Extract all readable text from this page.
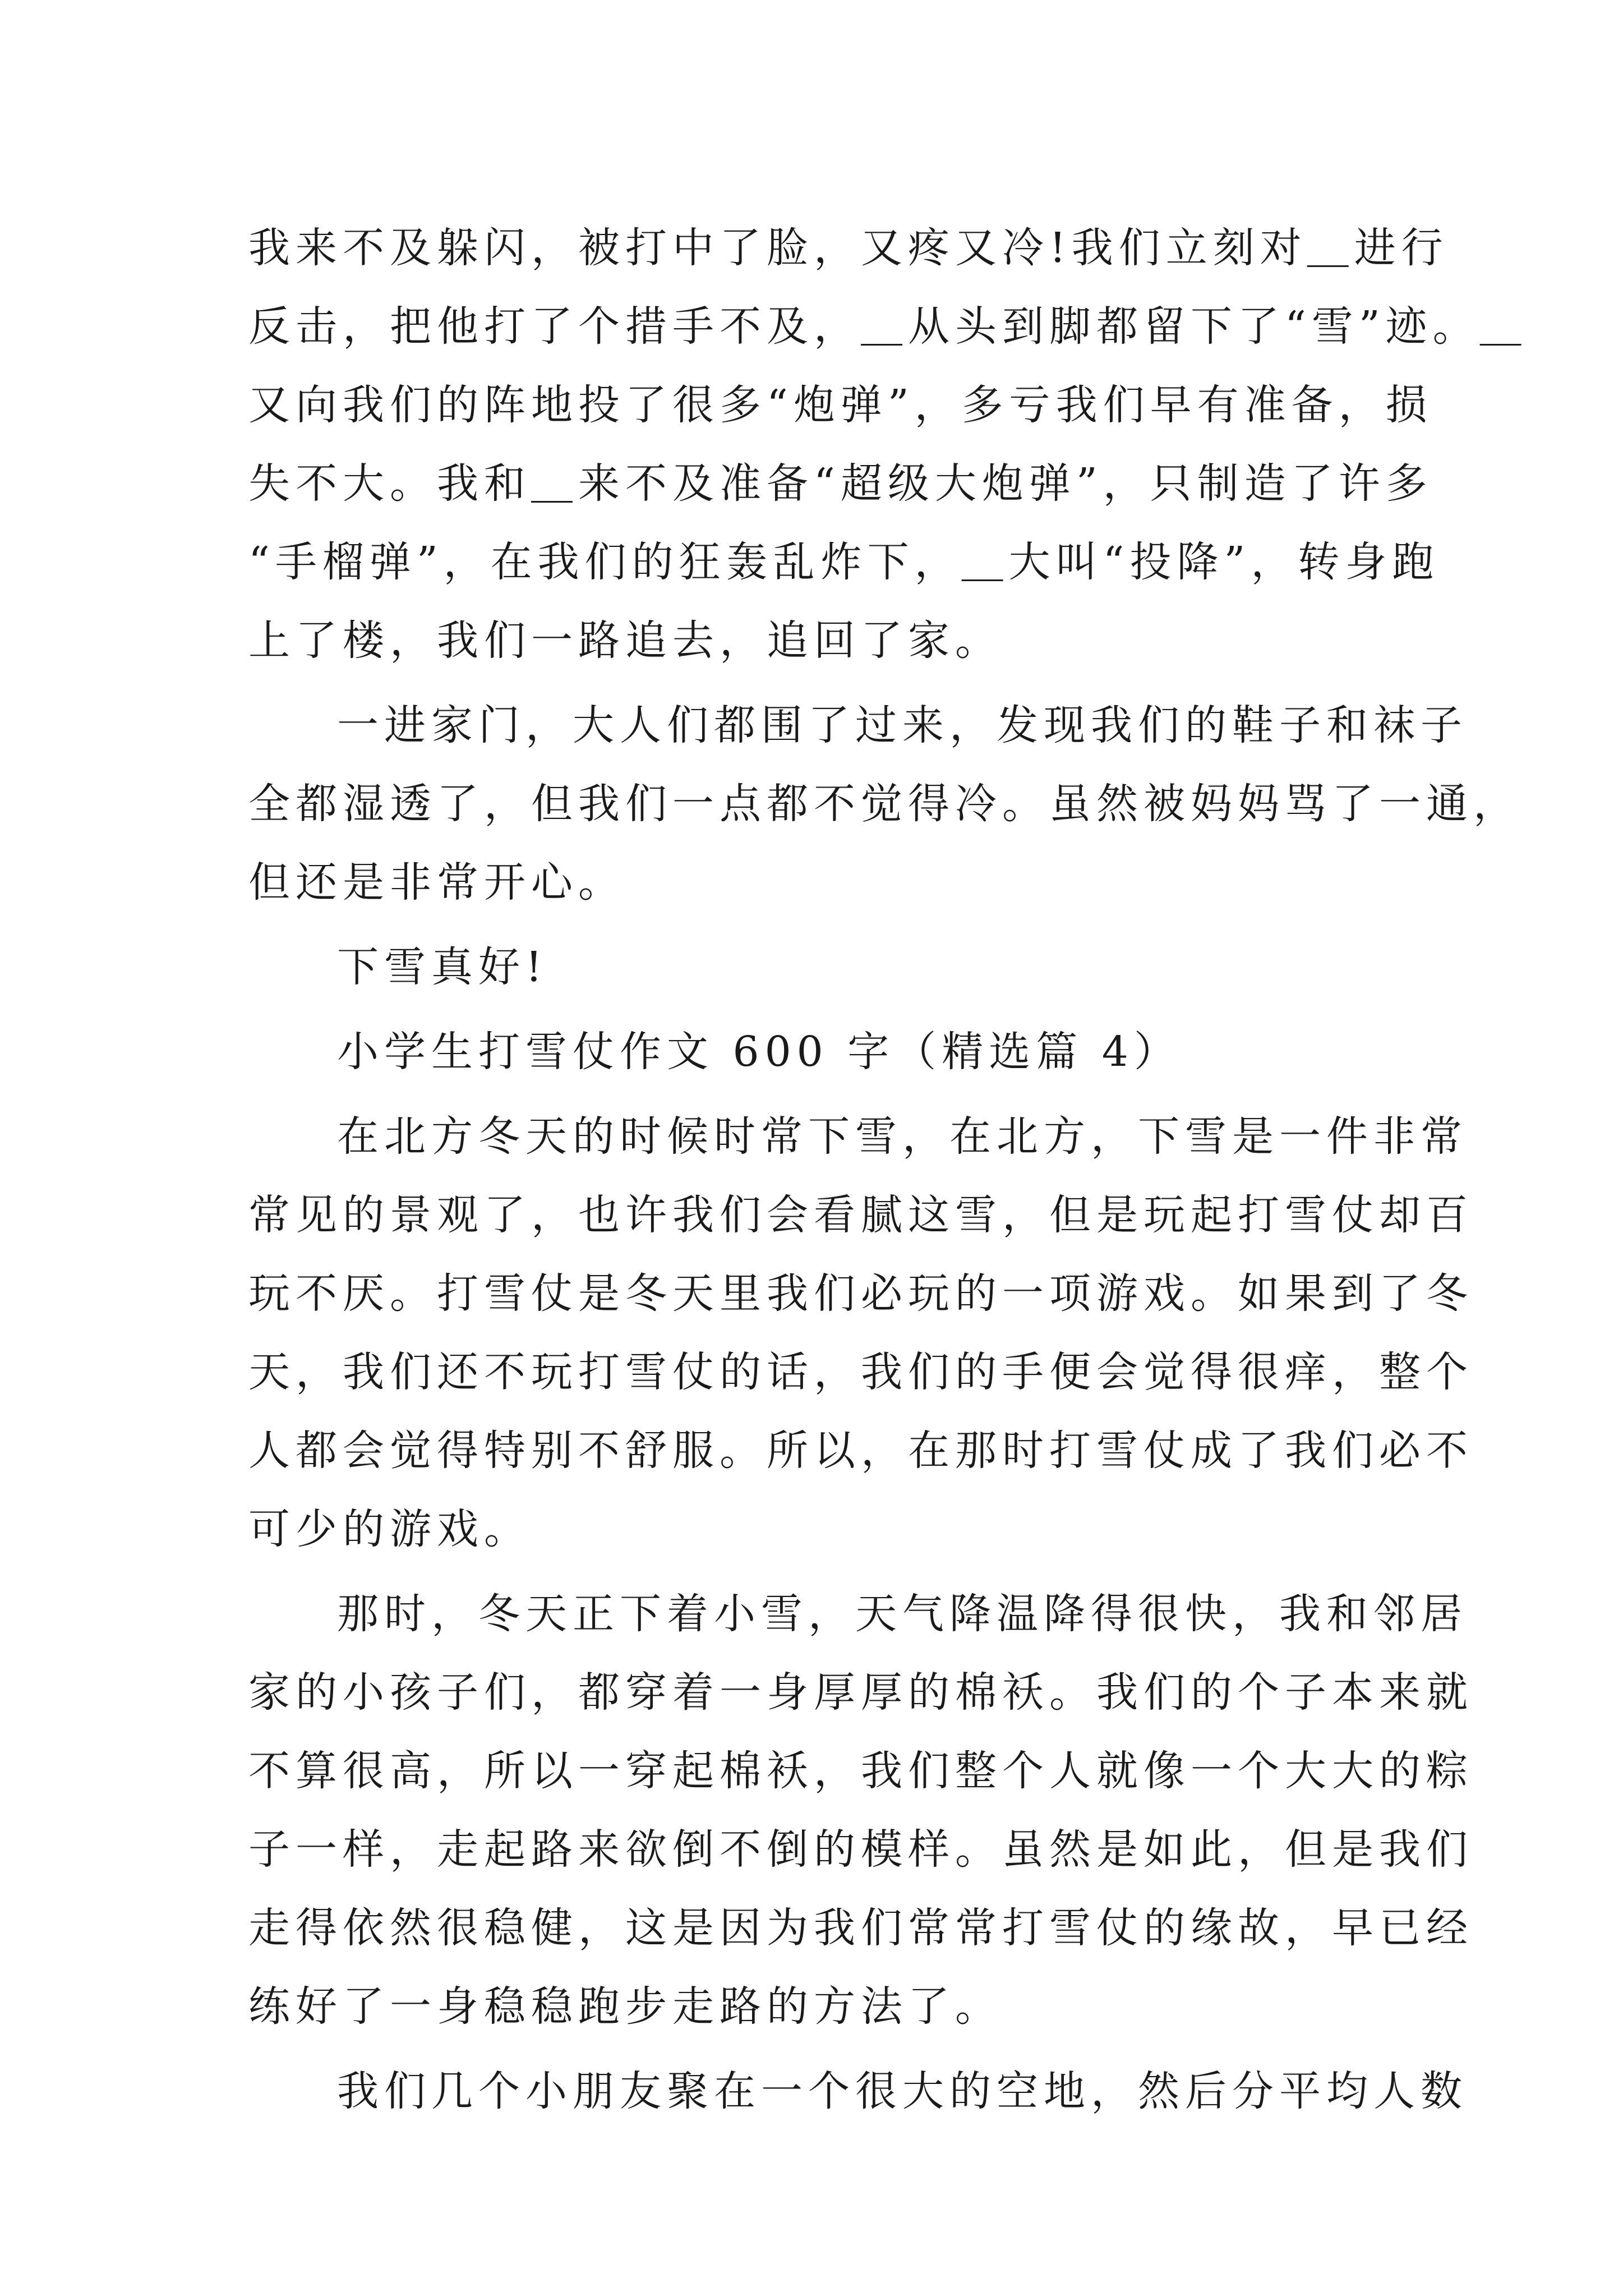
我来不及躲闪，被打中了脸，又疼又冷!我们立刻对＿进行
反击，把他打了个措手不及，＿从头到脚都留下了“雪”迹。＿
又向我们的阵地投了很多“炮弹”，多亏我们早有准备，损
失不大。我和＿来不及准备“超级大炮弹”，只制造了许多
“手榴弹”，在我们的狂轰乱炸下，＿大叫“投降”，转身跑
上了楼，我们一路追去，追回了家。
一进家门，大人们都围了过来，发现我们的鞋子和袜子
全都湿透了，但我们一点都不觉得冷。虽然被妈妈骂了一通，
但还是非常开心。
下雪真好!
小学生打雪仗作文 600 字（精选篇 4）
在北方冬天的时候时常下雪，在北方，下雪是一件非常
常见的景观了，也许我们会看腻这雪，但是玩起打雪仗却百
玩不厌。打雪仗是冬天里我们必玩的一项游戏。如果到了冬
天，我们还不玩打雪仗的话，我们的手便会觉得很痒，整个
人都会觉得特别不舒服。所以，在那时打雪仗成了我们必不
可少的游戏。
那时，冬天正下着小雪，天气降温降得很快，我和邻居
家的小孩子们，都穿着一身厚厚的棉袄。我们的个子本来就
不算很高，所以一穿起棉袄，我们整个人就像一个大大的粽
子一样，走起路来欲倒不倒的模样。虽然是如此，但是我们
走得依然很稳健，这是因为我们常常打雪仗的缘故，早已经
练好了一身稳稳跑步走路的方法了。
我们几个小朋友聚在一个很大的空地，然后分平均人数
